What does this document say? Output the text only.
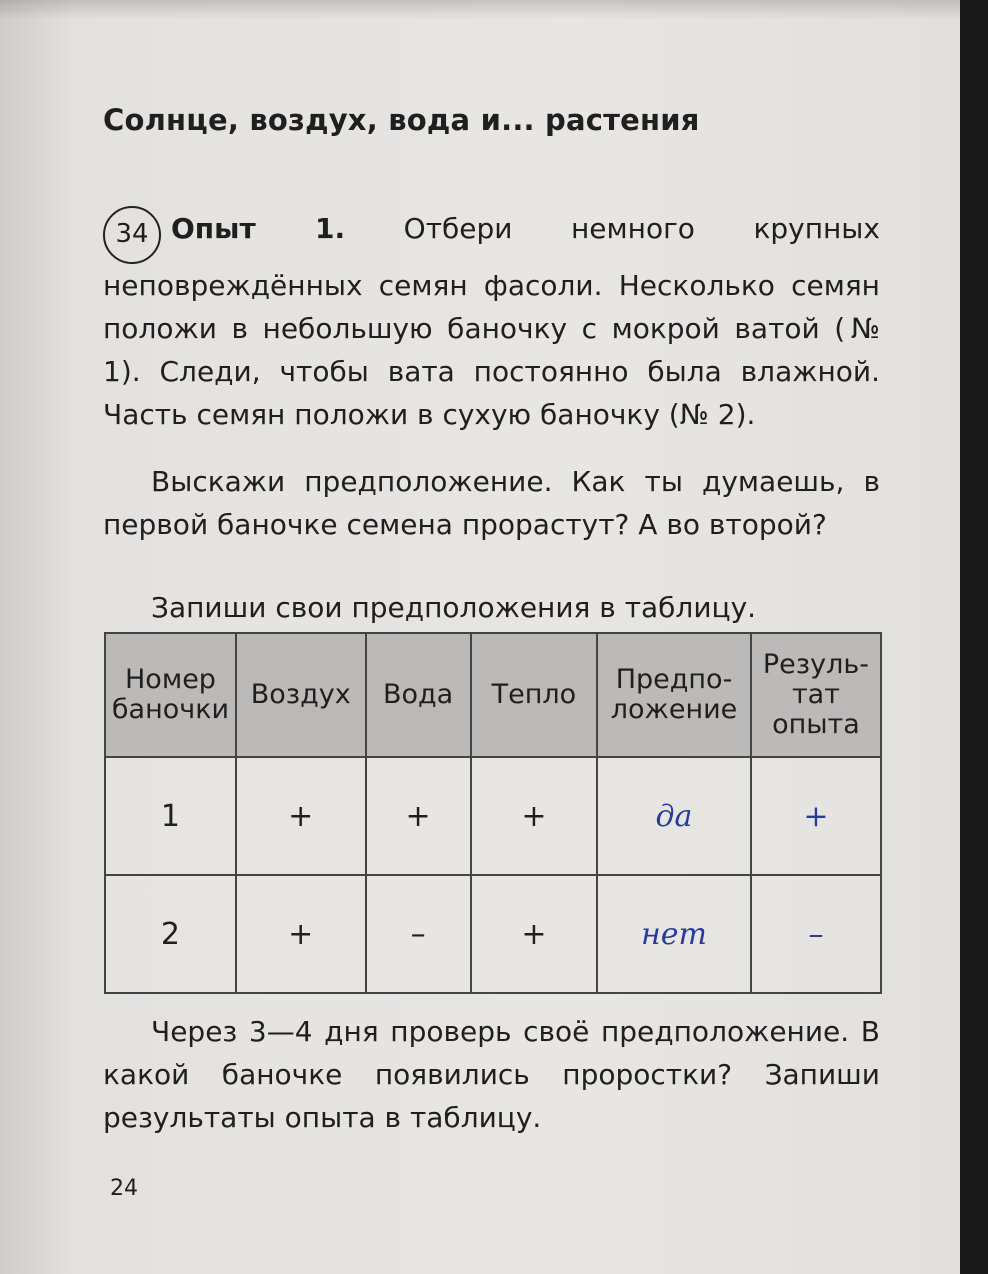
Солнце, воздух, вода и... растения
34 Опыт 1. Отбери немного крупных неповреждённых семян фасоли. Несколько семян положи в небольшую баночку с мокрой ватой (№ 1). Следи, чтобы вата постоянно была влажной. Часть семян положи в сухую баночку (№ 2).
Выскажи предположение. Как ты думаешь, в первой баночке семена прорастут? А во второй?
Запиши свои предположения в таблицу.
Номер баночки	Воздух	Вода	Тепло	Предпо-ложение	Резуль-тат опыта
1	+	+	+	да	+
2	+	–	+	нет	–
Через 3—4 дня проверь своё предположение. В какой баночке появились проростки? Запиши результаты опыта в таблицу.
24
